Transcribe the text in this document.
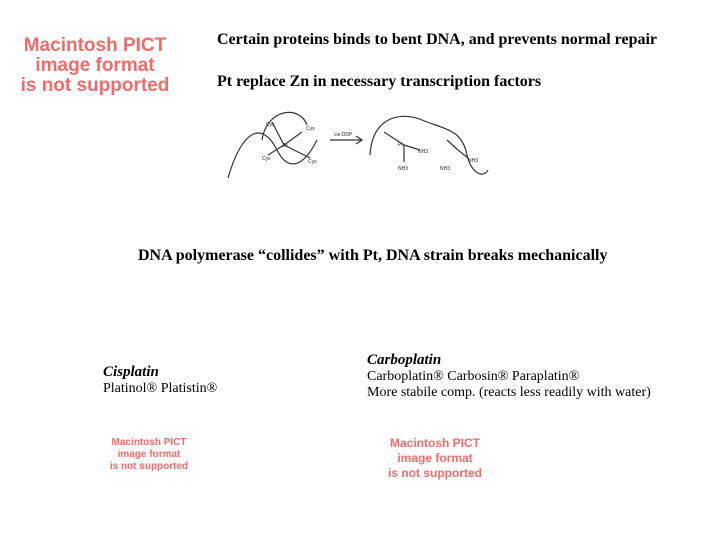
Macintosh PICT
image format
is not supported
Certain proteins binds to bent DNA, and prevents normal repair
Pt replace Zn in necessary transcription factors
Cys
Cys
Cys	Cys
Zn
cis-DDP
Pt
NH3
NH3	NH3
NH3
DNA polymerase “collides” with Pt, DNA strain breaks mechanically
Cisplatin
Platinol® Platistin®
Carboplatin
Carboplatin® Carbosin® Paraplatin®
More stabile comp. (reacts less readily with water)
Macintosh PICT
image format
is not supported
Macintosh PICT
image format
is not supported
